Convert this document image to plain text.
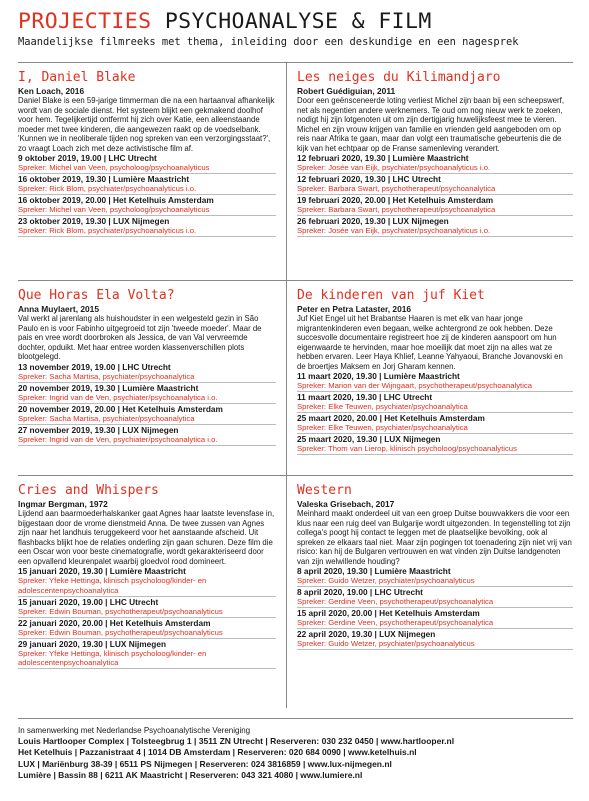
PROJECTIES PSYCHOANALYSE & FILM
Maandelijkse filmreeks met thema, inleiding door een deskundige en een nagesprek
I, Daniel Blake
Ken Loach, 2016

Daniel Blake is een 59-jarige timmerman die na een hartaanval afhankelijk wordt van de sociale dienst. Het systeem blijkt een gekmakend doolhof voor hem. Tegelijkertijd ontfermt hij zich over Katie, een alleenstaande moeder met twee kinderen, die aangewezen raakt op de voedselbank. 'Kunnen we in neoliberale tijden nog spreken van een verzorgingsstaat?', zo vraagt Loach zich met deze activistische film af.

9 oktober 2019, 19.00 | LHC Utrecht
Spreker: Michel van Veen, psycholoog/psychoanalyticus
16 oktober 2019, 19.30 | Lumière Maastricht
Spreker: Rick Blom, psychiater/psychoanalyticus i.o.
16 oktober 2019, 20.00 | Het Ketelhuis Amsterdam
Spreker: Michel van Veen, psycholoog/psychoanalyticus
23 oktober 2019, 19.30 | LUX Nijmegen
Spreker: Rick Blom, psychiater/psychoanalyticus i.o.
Les neiges du Kilimandjaro
Robert Guédiguian, 2011

Door een geënsceneerde loting verliest Michel zijn baan bij een scheepswerf, net als negentien andere werknemers. Te oud om nog nieuw werk te zoeken, nodigt hij zijn lotgenoten uit om zijn dertigjarig huwelijksfeest mee te vieren. Michel en zijn vrouw krijgen van familie en vrienden geld aangeboden om op reis naar Afrika te gaan, maar dan volgt een traumatische gebeurtenis die de kijk van het echtpaar op de Franse samenleving verandert.

12 februari 2020, 19.30 | Lumière Maastricht
Spreker: Josée van Eijk, psychiater/psychoanalyticus i.o.
12 februari 2020, 19.30 | LHC Utrecht
Spreker: Barbara Swart, psychotherapeut/psychoanalytica
19 februari 2020, 20.00 | Het Ketelhuis Amsterdam
Spreker: Barbara Swart, psychotherapeut/psychoanalytica
26 februari 2020, 19.30 | LUX Nijmegen
Spreker: Josée van Eijk, psychiater/psychoanalyticus i.o.
Que Horas Ela Volta?
Anna Muylaert, 2015

Val werkt al jarenlang als huishoudster in een welgesteld gezin in São Paulo en is voor Fabinho uitgegroeid tot zijn 'tweede moeder'. Maar de pais en vree wordt doorbroken als Jessica, de van Val vervreemde dochter, opduikt. Met haar entree worden klassenverschillen plots blootgelegd.

13 november 2019, 19.00 | LHC Utrecht
Spreker: Sacha Martisa, psychiater/psychoanalytica
20 november 2019, 19.30 | Lumière Maastricht
Spreker: Ingrid van de Ven, psychiater/psychoanalytica i.o.
20 november 2019, 20.00 | Het Ketelhuis Amsterdam
Spreker: Sacha Martisa, psychiater/psychoanalytica
27 november 2019, 19.30 | LUX Nijmegen
Spreker: Ingrid van de Ven, psychiater/psychoanalytica i.o.
De kinderen van juf Kiet
Peter en Petra Lataster, 2016

Juf Kiet Engel uit het Brabantse Haaren is met elk van haar jonge migrantenkinderen even begaan, welke achtergrond ze ook hebben. Deze succesvolle documentaire registreert hoe zij de kinderen aanspoort om hun eigenwaarde te hervinden, maar hoe moeilijk dat moet zijn na alles wat ze hebben ervaren. Leer Haya Khlief, Leanne Yahyaoui, Branche Jovanovski en de broertjes Maksem en Jorj Gharam kennen.

11 maart 2020, 19.30 | Lumière Maastricht
Spreker: Marion van der Wijngaart, psychotherapeut/psychoanalytica
11 maart 2020, 19.30 | LHC Utrecht
Spreker: Elke Teuwen, psychiater/psychoanalytica
25 maart 2020, 20.00 | Het Ketelhuis Amsterdam
Spreker: Elke Teuwen, psychiater/psychoanalytica
25 maart 2020, 19.30 | LUX Nijmegen
Spreker: Thom van Lierop, klinisch psycholoog/psychoanalyticus
Cries and Whispers
Ingmar Bergman, 1972

Lijdend aan baarmoederhalskanker gaat Agnes haar laatste levensfase in, bijgestaan door de vrome dienstmeid Anna. De twee zussen van Agnes zijn naar het landhuis teruggekeerd voor het aanstaande afscheid. Uit flashbacks blijkt hoe de relaties onderling zijn gaan schuren. Deze film die een Oscar won voor beste cinematografie, wordt gekarakteriseerd door een opvallend kleurenpalet waarbij gloedvol rood domineert.

15 januari 2020, 19.30 | Lumière Maastricht
Spreker: Yfeke Hettinga, klinisch psycholoog/kinder- en adolescentenpsychoanalytica
15 januari 2020, 19.00 | LHC Utrecht
Spreker: Edwin Bouman, psychotherapeut/psychoanalyticus
22 januari 2020, 20.00 | Het Ketelhuis Amsterdam
Spreker: Edwin Bouman, psychotherapeut/psychoanalyticus
29 januari 2020, 19.30 | LUX Nijmegen
Spreker: Yfeke Hettinga, klinisch psycholoog/kinder- en adolescentenpsychoanalytica
Western
Valeska Grisebach, 2017

Meinhard maakt onderdeel uit van een groep Duitse bouwvakkers die voor een klus naar een ruig deel van Bulgarije wordt uitgezonden. In tegenstelling tot zijn collega's poogt hij contact te leggen met de plaatselijke bevolking, ook al spreken ze elkaars taal niet. Maar zijn pogingen tot toenadering zijn niet vrij van risico: kan hij de Bulgaren vertrouwen en wat vinden zijn Duitse landgenoten van zijn welwillende houding?

8 april 2020, 19.30 | Lumière Maastricht
Spreker: Guido Wetzer, psychiater/psychoanalyticus
8 april 2020, 19.00 | LHC Utrecht
Spreker: Gerdine Veen, psychotherapeut/psychoanalytica
15 april 2020, 20.00 | Het Ketelhuis Amsterdam
Spreker: Gerdine Veen, psychotherapeut/psychoanalytica
22 april 2020, 19.30 | LUX Nijmegen
Spreker: Guido Wetzer, psychiater/psychoanalyticus
In samenwerking met Nederlandse Psychoanalytische Vereniging
Louis Hartlooper Complex | Tolsteegbrug 1 | 3511 ZN Utrecht | Reserveren: 030 232 0450 | www.hartlooper.nl
Het Ketelhuis | Pazzanistraat 4 | 1014 DB Amsterdam | Reserveren: 020 684 0090 | www.ketelhuis.nl
LUX | Mariënburg 38-39 | 6511 PS Nijmegen | Reserveren: 024 3816859 | www.lux-nijmegen.nl
Lumière | Bassin 88 | 6211 AK Maastricht | Reserveren: 043 321 4080 | www.lumiere.nl
